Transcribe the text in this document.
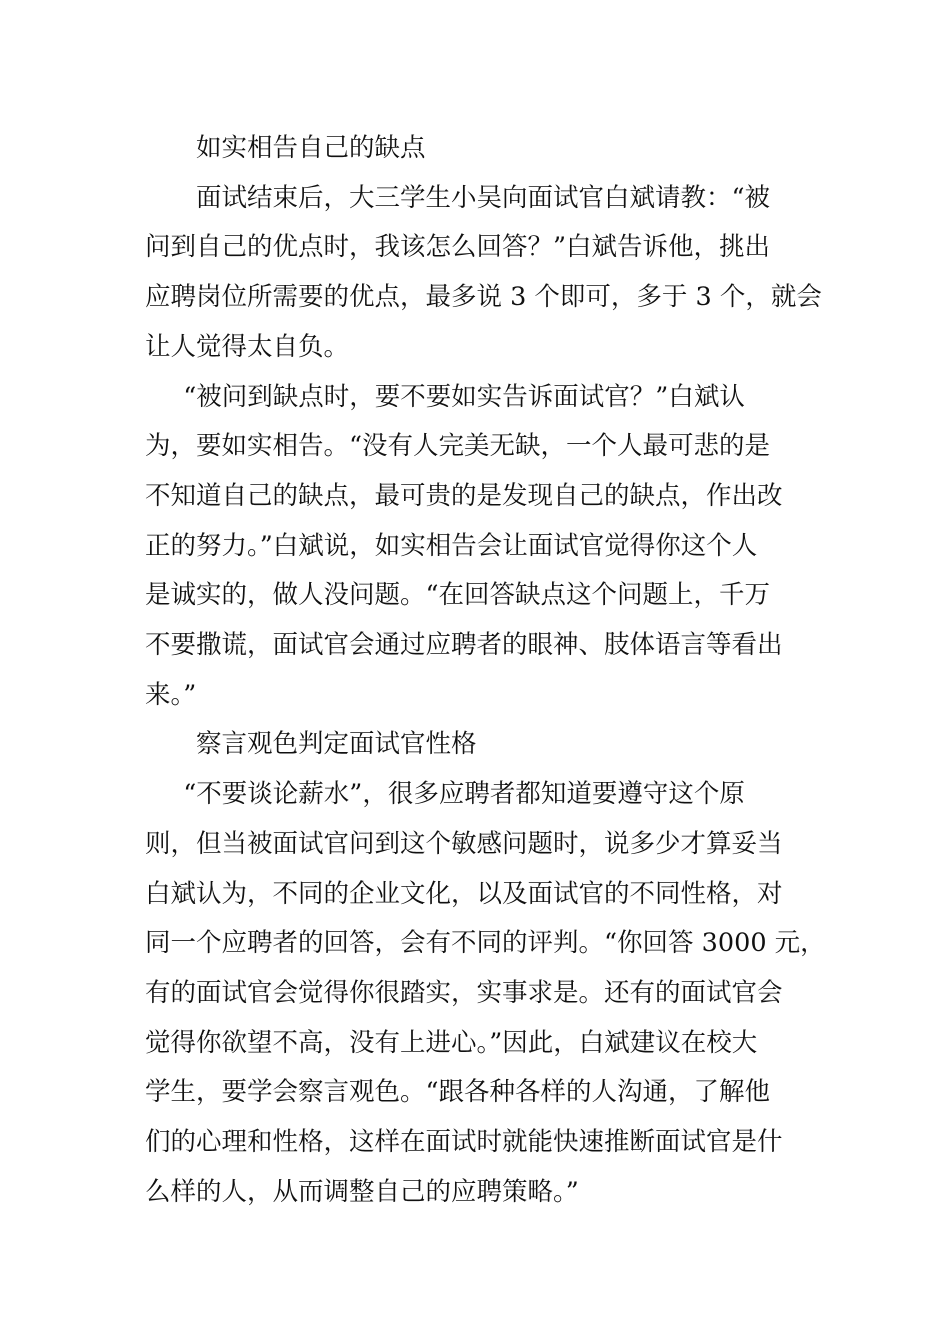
如实相告自己的缺点

面试结束后，大三学生小吴向面试官白斌请教：“被
问到自己的优点时，我该怎么回答？”白斌告诉他，挑出
应聘岗位所需要的优点，最多说 3 个即可，多于 3 个，就会
让人觉得太自负。

“被问到缺点时，要不要如实告诉面试官？”白斌认
为，要如实相告。“没有人完美无缺，一个人最可悲的是
不知道自己的缺点，最可贵的是发现自己的缺点，作出改
正的努力。”白斌说，如实相告会让面试官觉得你这个人
是诚实的，做人没问题。“在回答缺点这个问题上，千万
不要撒谎，面试官会通过应聘者的眼神、肢体语言等看出
来。”

察言观色判定面试官性格

“不要谈论薪水”，很多应聘者都知道要遵守这个原
则，但当被面试官问到这个敏感问题时，说多少才算妥当
白斌认为，不同的企业文化，以及面试官的不同性格，对
同一个应聘者的回答，会有不同的评判。“你回答 3000 元，
有的面试官会觉得你很踏实，实事求是。还有的面试官会
觉得你欲望不高，没有上进心。”因此，白斌建议在校大
学生，要学会察言观色。“跟各种各样的人沟通，了解他
们的心理和性格，这样在面试时就能快速推断面试官是什
么样的人，从而调整自己的应聘策略。”
